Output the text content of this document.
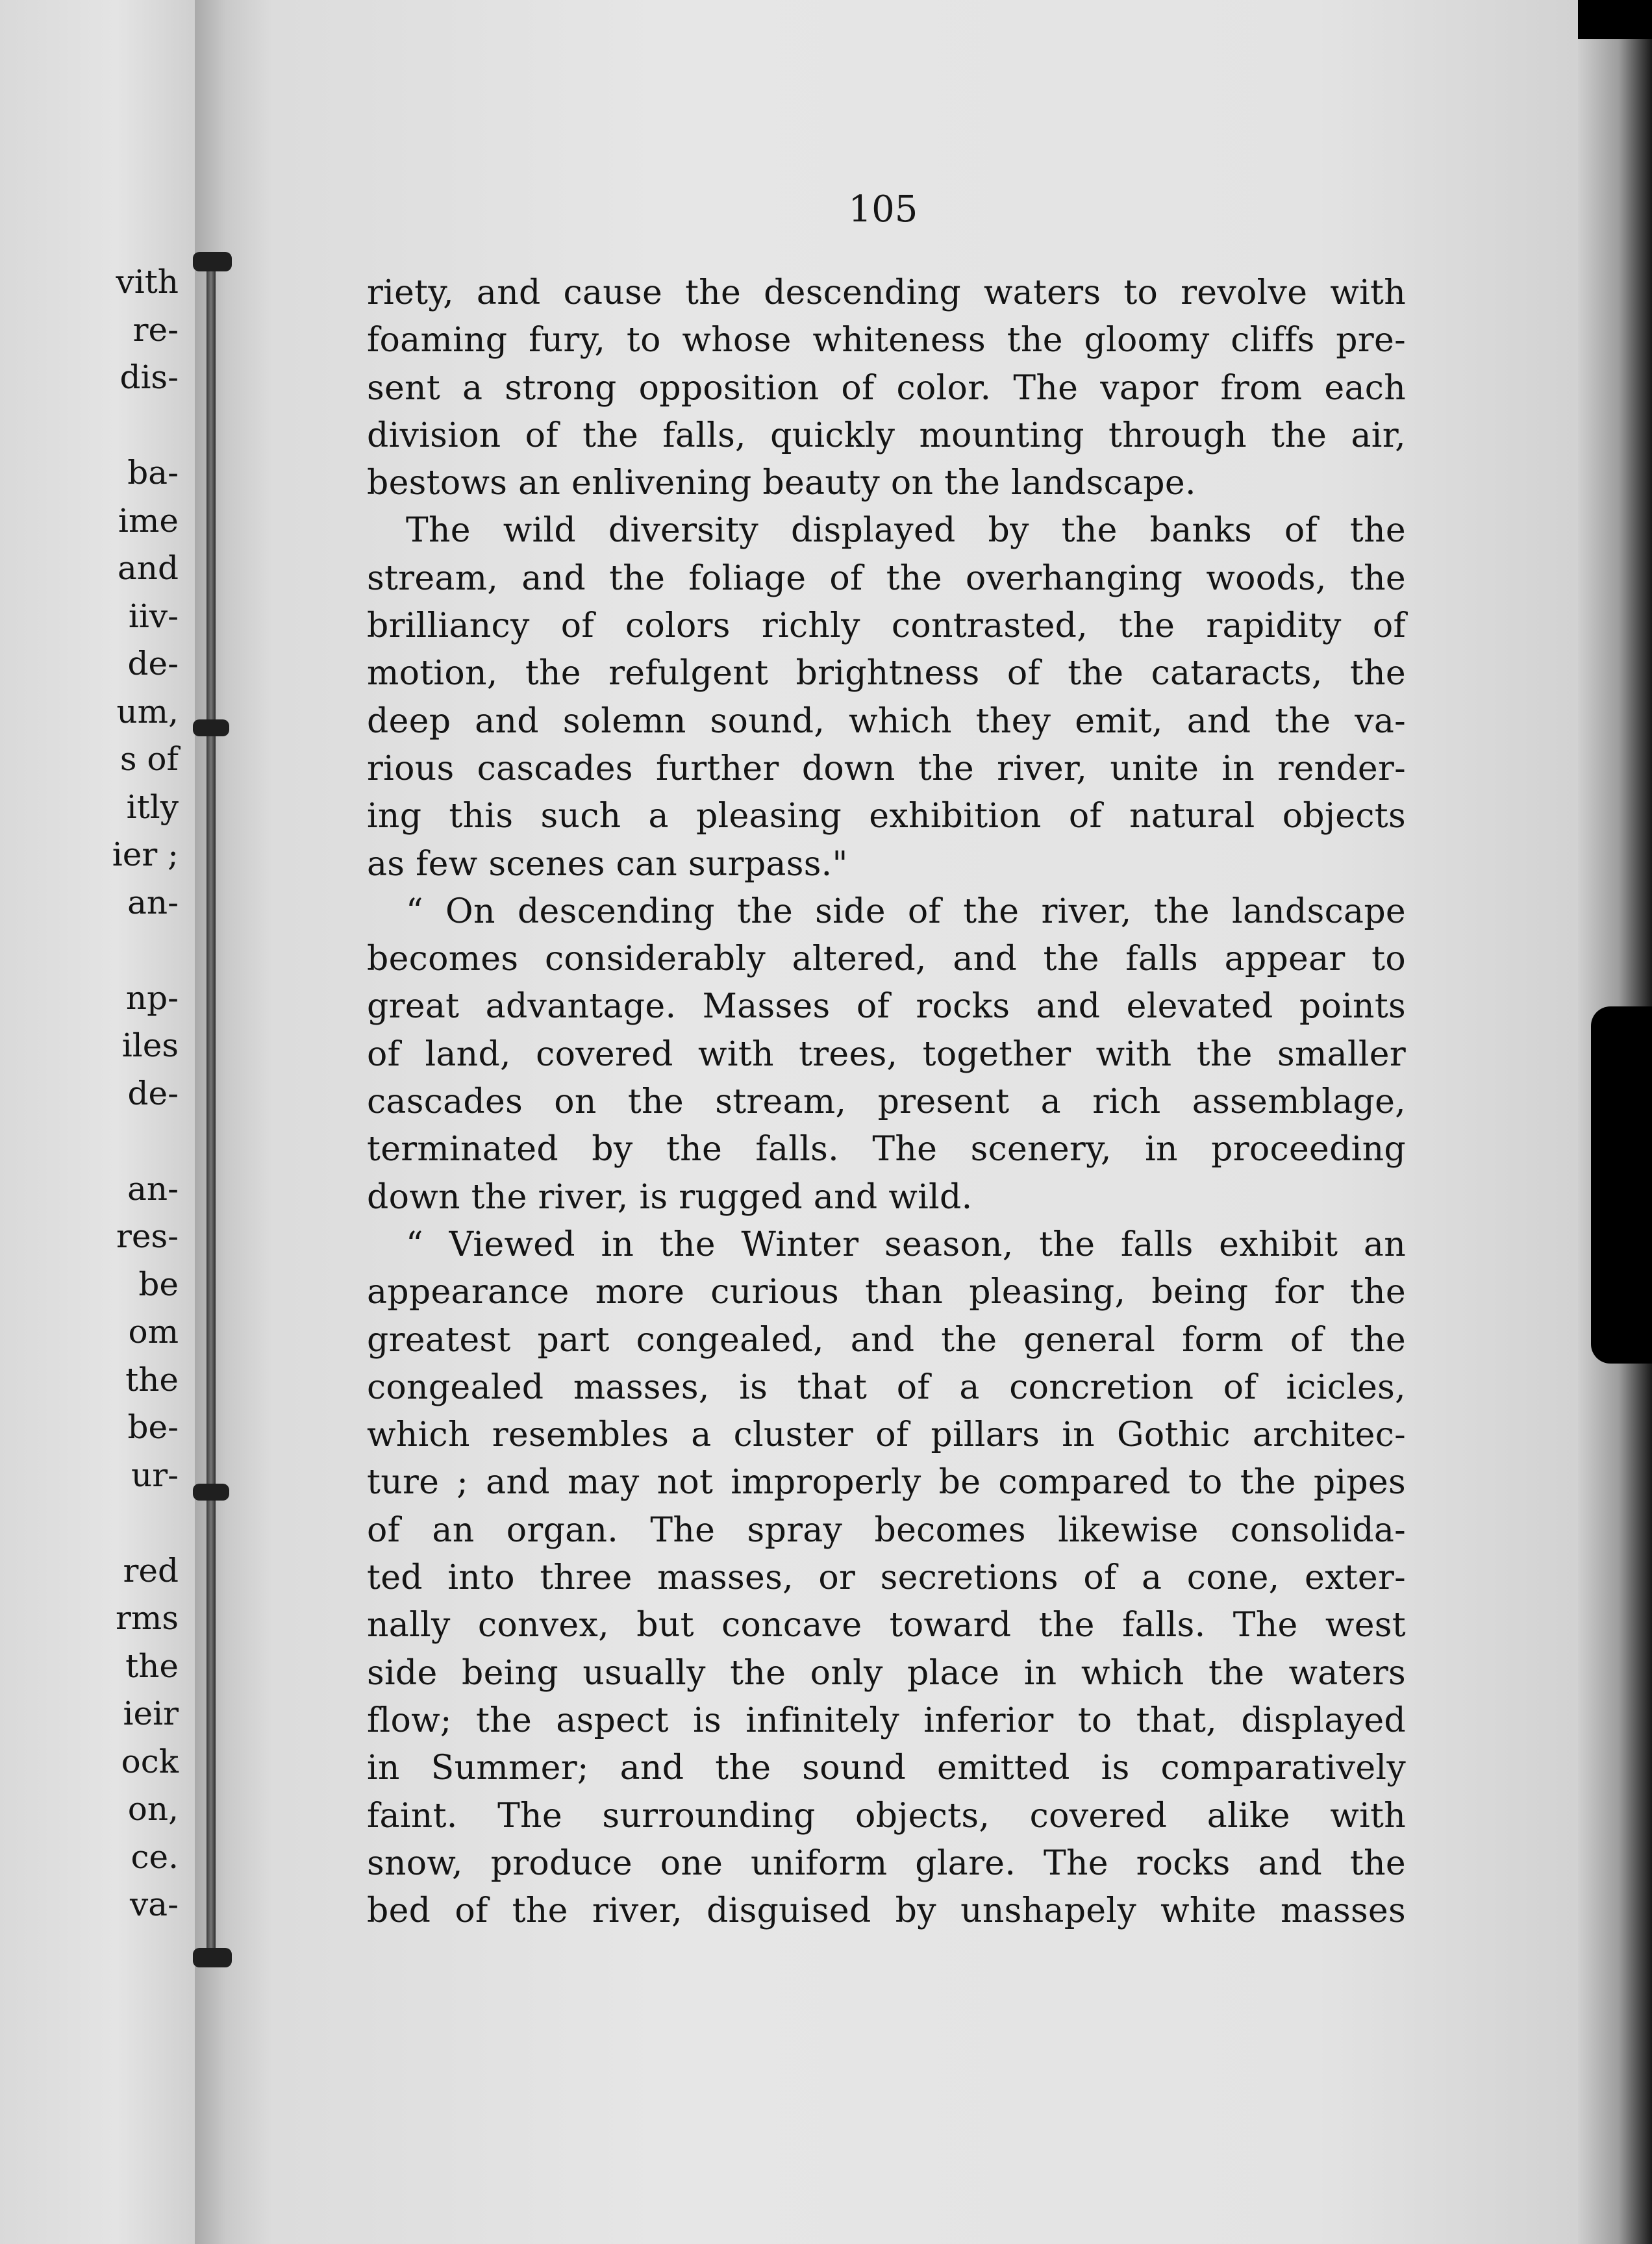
vith
re-
dis-
ba-
ime
and
iiv-
de-
um,
s of
itly
ier ;
an-
np-
iles
de-
an-
res-
be
om
the
be-
ur-
red
rms
the
ieir
ock
on,
ce.
va-

105

riety, and cause the descending waters to revolve with

foaming fury, to whose whiteness the gloomy cliffs pre-

sent a strong opposition of color. The vapor from each

division of the falls, quickly mounting through the air,

bestows an enlivening beauty on the landscape.

The wild diversity displayed by the banks of the

stream, and the foliage of the overhanging woods, the

brilliancy of colors richly contrasted, the rapidity of

motion, the refulgent brightness of the cataracts, the

deep and solemn sound, which they emit, and the va-

rious cascades further down the river, unite in render-

ing this such a pleasing exhibition of natural objects

as few scenes can surpass."

“ On descending the side of the river, the landscape

becomes considerably altered, and the falls appear to

great advantage. Masses of rocks and elevated points

of land, covered with trees, together with the smaller

cascades on the stream, present a rich assemblage,

terminated by the falls. The scenery, in proceeding

down the river, is rugged and wild.

“ Viewed in the Winter season, the falls exhibit an

appearance more curious than pleasing, being for the

greatest part congealed, and the general form of the

congealed masses, is that of a concretion of icicles,

which resembles a cluster of pillars in Gothic architec-

ture ; and may not improperly be compared to the pipes

of an organ. The spray becomes likewise consolida-

ted into three masses, or secretions of a cone, exter-

nally convex, but concave toward the falls. The west

side being usually the only place in which the waters

flow; the aspect is infinitely inferior to that, displayed

in Summer; and the sound emitted is comparatively

faint. The surrounding objects, covered alike with

snow, produce one uniform glare. The rocks and the

bed of the river, disguised by unshapely white masses
